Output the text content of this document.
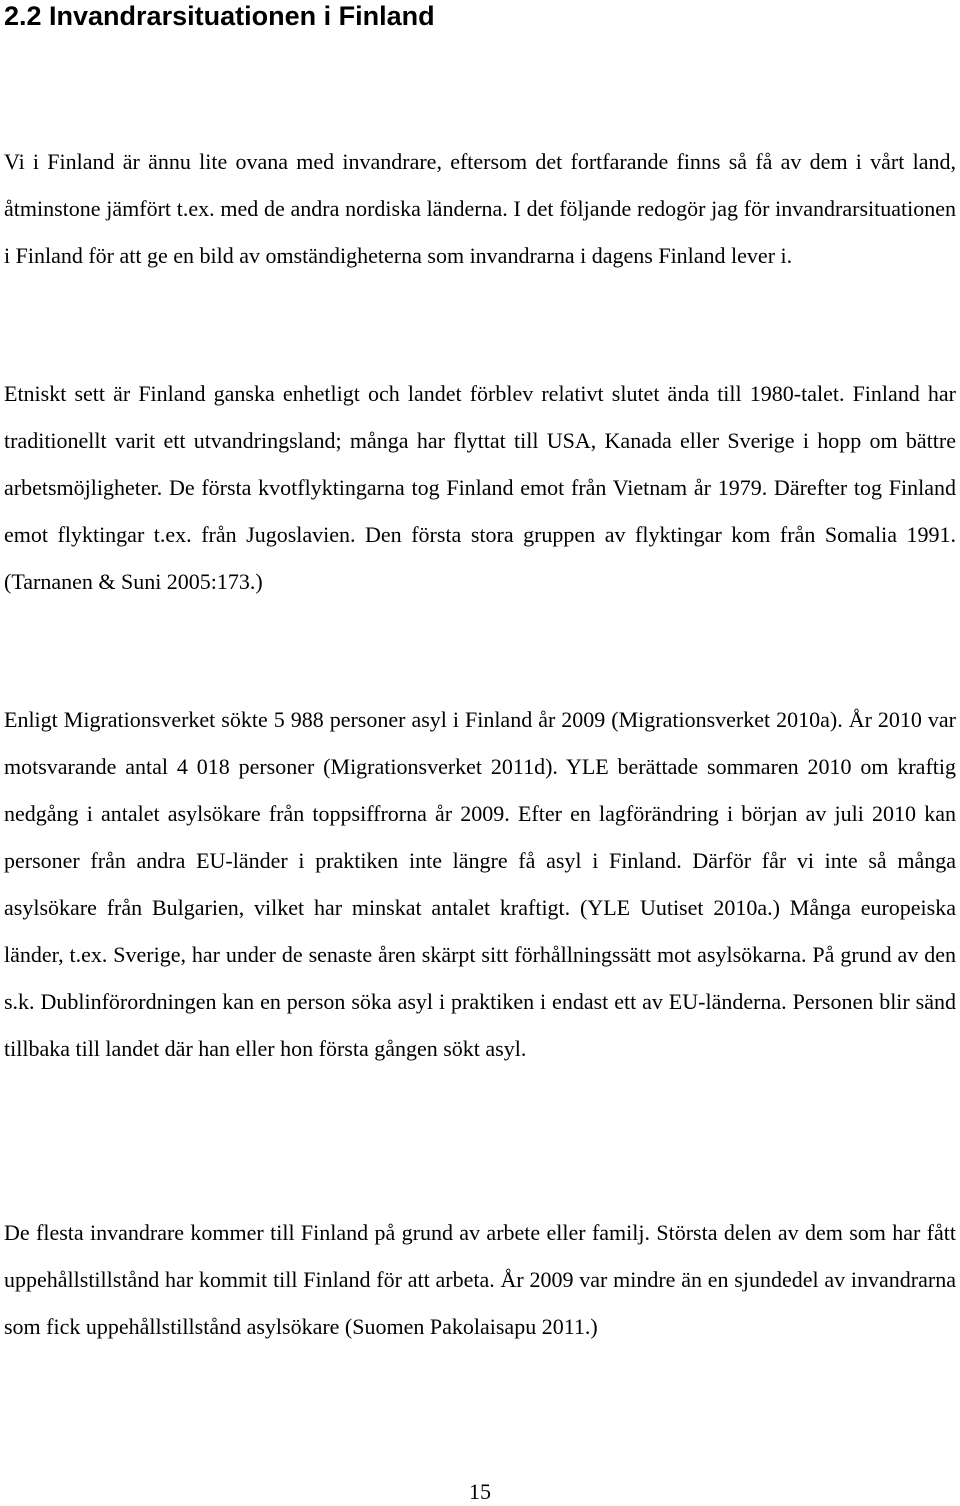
2.2 Invandrarsituationen i Finland

Vi i Finland är ännu lite ovana med invandrare, eftersom det fortfarande finns så få av dem i vårt land, åtminstone jämfört t.ex. med de andra nordiska länderna. I det följande redogör jag för invandrarsituationen i Finland för att ge en bild av omständigheterna som invandrarna i dagens Finland lever i.

Etniskt sett är Finland ganska enhetligt och landet förblev relativt slutet ända till 1980-talet. Finland har traditionellt varit ett utvandringsland; många har flyttat till USA, Kanada eller Sverige i hopp om bättre arbetsmöjligheter. De första kvotflyktingarna tog Finland emot från Vietnam år 1979. Därefter tog Finland emot flyktingar t.ex. från Jugoslavien. Den första stora gruppen av flyktingar kom från Somalia 1991. (Tarnanen & Suni 2005:173.)

Enligt Migrationsverket sökte 5 988 personer asyl i Finland år 2009 (Migrationsverket 2010a). År 2010 var motsvarande antal 4 018 personer (Migrationsverket 2011d). YLE berättade sommaren 2010 om kraftig nedgång i antalet asylsökare från toppsiffrorna år 2009. Efter en lagförändring i början av juli 2010 kan personer från andra EU-länder i praktiken inte längre få asyl i Finland. Därför får vi inte så många asylsökare från Bulgarien, vilket har minskat antalet kraftigt. (YLE Uutiset 2010a.) Många europeiska länder, t.ex. Sverige, har under de senaste åren skärpt sitt förhållningssätt mot asylsökarna. På grund av den s.k. Dublinförordningen kan en person söka asyl i praktiken i endast ett av EU-länderna. Personen blir sänd tillbaka till landet där han eller hon första gången sökt asyl.

De flesta invandrare kommer till Finland på grund av arbete eller familj. Största delen av dem som har fått uppehållstillstånd har kommit till Finland för att arbeta. År 2009 var mindre än en sjundedel av invandrarna som fick uppehållstillstånd asylsökare (Suomen Pakolaisapu 2011.)

15
